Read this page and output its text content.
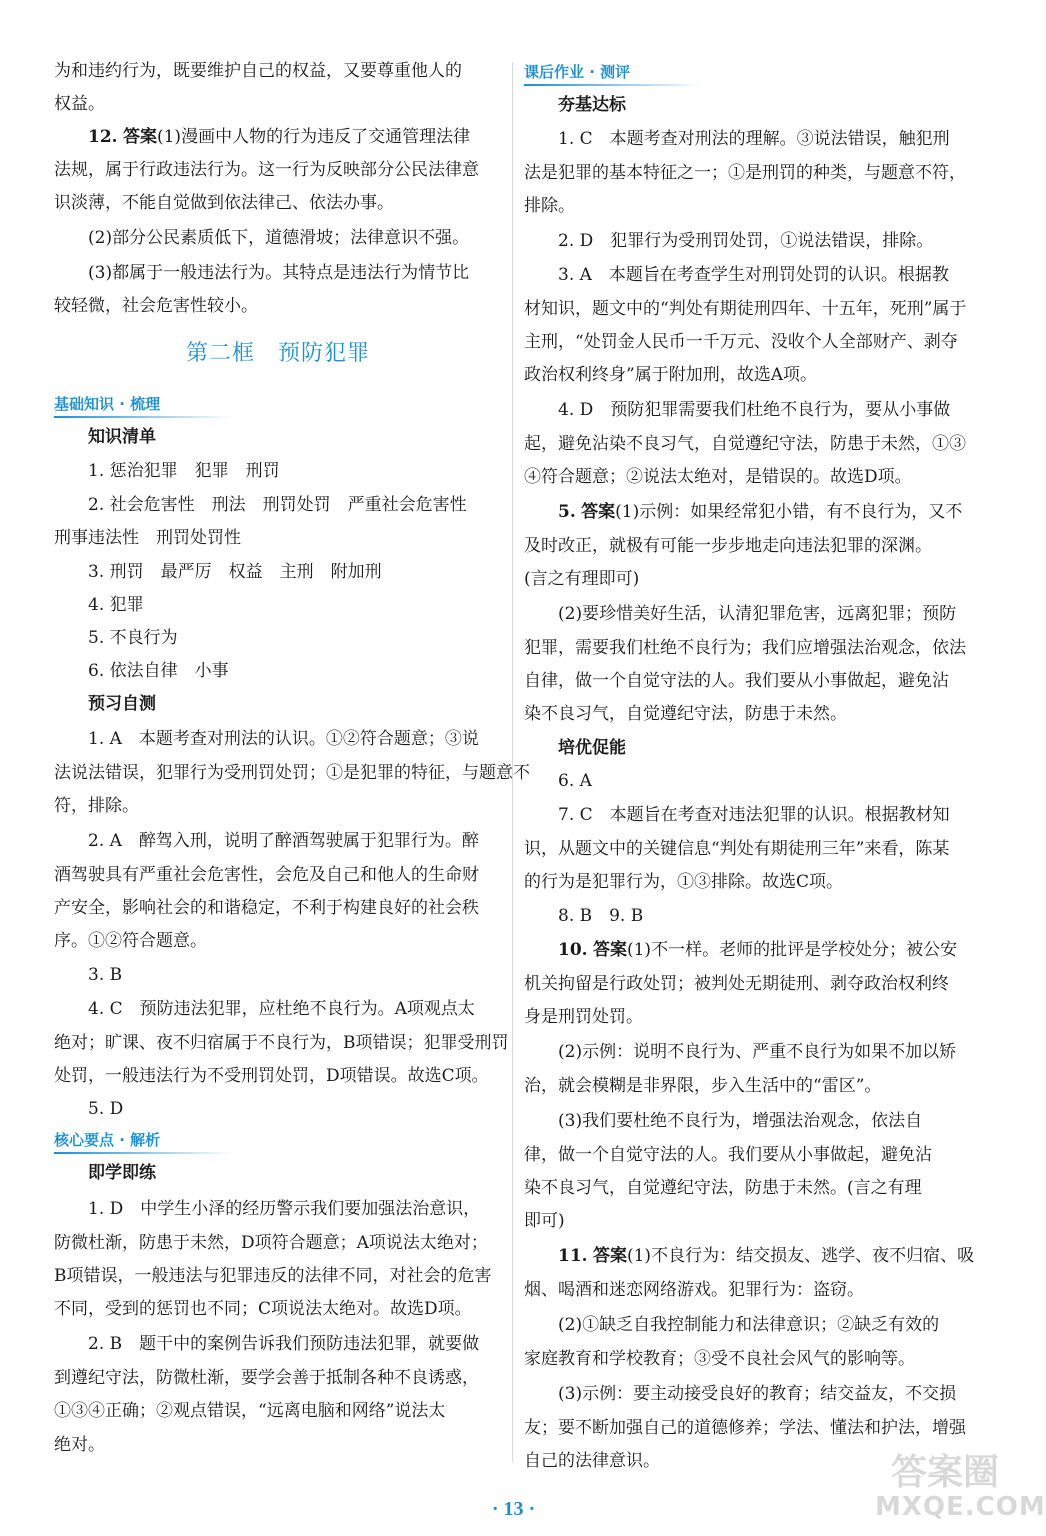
为和违约行为，既要维护自己的权益，又要尊重他人的
权益。
12. 答案(1)漫画中人物的行为违反了交通管理法律
法规，属于行政违法行为。这一行为反映部分公民法律意
识淡薄，不能自觉做到依法律己、依法办事。
(2)部分公民素质低下，道德滑坡；法律意识不强。
(3)都属于一般违法行为。其特点是违法行为情节比
较轻微，社会危害性较小。
第二框　预防犯罪
基础知识 · 梳理
知识清单
1. 惩治犯罪　犯罪　刑罚
2. 社会危害性　刑法　刑罚处罚　严重社会危害性
刑事违法性　刑罚处罚性
3. 刑罚　最严厉　权益　主刑　附加刑
4. 犯罪
5. 不良行为
6. 依法自律　小事
预习自测
1. A　本题考查对刑法的认识。①②符合题意；③说
法说法错误，犯罪行为受刑罚处罚；①是犯罪的特征，与题意不
符，排除。
2. A　醉驾入刑，说明了醉酒驾驶属于犯罪行为。醉
酒驾驶具有严重社会危害性，会危及自己和他人的生命财
产安全，影响社会的和谐稳定，不利于构建良好的社会秩
序。①②符合题意。
3. B
4. C　预防违法犯罪，应杜绝不良行为。A项观点太
绝对；旷课、夜不归宿属于不良行为，B项错误；犯罪受刑罚
处罚，一般违法行为不受刑罚处罚，D项错误。故选C项。
5. D
核心要点 · 解析
即学即练
1. D　中学生小泽的经历警示我们要加强法治意识，
防微杜渐，防患于未然，D项符合题意；A项说法太绝对；
B项错误，一般违法与犯罪违反的法律不同，对社会的危害
不同，受到的惩罚也不同；C项说法太绝对。故选D项。
2. B　题干中的案例告诉我们预防违法犯罪，就要做
到遵纪守法，防微杜渐，要学会善于抵制各种不良诱惑，
①③④正确；②观点错误，“远离电脑和网络”说法太
绝对。
课后作业 · 测评
夯基达标
1. C　本题考查对刑法的理解。③说法错误，触犯刑
法是犯罪的基本特征之一；①是刑罚的种类，与题意不符，
排除。
2. D　犯罪行为受刑罚处罚，①说法错误，排除。
3. A　本题旨在考查学生对刑罚处罚的认识。根据教
材知识，题文中的“判处有期徒刑四年、十五年，死刑”属于
主刑，“处罚金人民币一千万元、没收个人全部财产、剥夺
政治权利终身”属于附加刑，故选A项。
4. D　预防犯罪需要我们杜绝不良行为，要从小事做
起，避免沾染不良习气，自觉遵纪守法，防患于未然，①③
④符合题意；②说法太绝对，是错误的。故选D项。
5. 答案(1)示例：如果经常犯小错，有不良行为，又不
及时改正，就极有可能一步步地走向违法犯罪的深渊。
(言之有理即可)
(2)要珍惜美好生活，认清犯罪危害，远离犯罪；预防
犯罪，需要我们杜绝不良行为；我们应增强法治观念，依法
自律，做一个自觉守法的人。我们要从小事做起，避免沾
染不良习气，自觉遵纪守法，防患于未然。
培优促能
6. A
7. C　本题旨在考查对违法犯罪的认识。根据教材知
识，从题文中的关键信息“判处有期徒刑三年”来看，陈某
的行为是犯罪行为，①③排除。故选C项。
8. B　9. B
10. 答案(1)不一样。老师的批评是学校处分；被公安
机关拘留是行政处罚；被判处无期徒刑、剥夺政治权利终
身是刑罚处罚。
(2)示例：说明不良行为、严重不良行为如果不加以矫
治，就会模糊是非界限，步入生活中的“雷区”。
(3)我们要杜绝不良行为，增强法治观念，依法自
律，做一个自觉守法的人。我们要从小事做起，避免沾
染不良习气，自觉遵纪守法，防患于未然。(言之有理
即可)
11. 答案(1)不良行为：结交损友、逃学、夜不归宿、吸
烟、喝酒和迷恋网络游戏。犯罪行为：盗窃。
(2)①缺乏自我控制能力和法律意识；②缺乏有效的
家庭教育和学校教育；③受不良社会风气的影响等。
(3)示例：要主动接受良好的教育；结交益友，不交损
友；要不断加强自己的道德修养；学法、懂法和护法，增强
自己的法律意识。
· 13 ·
答案圈
MXQE.COM
